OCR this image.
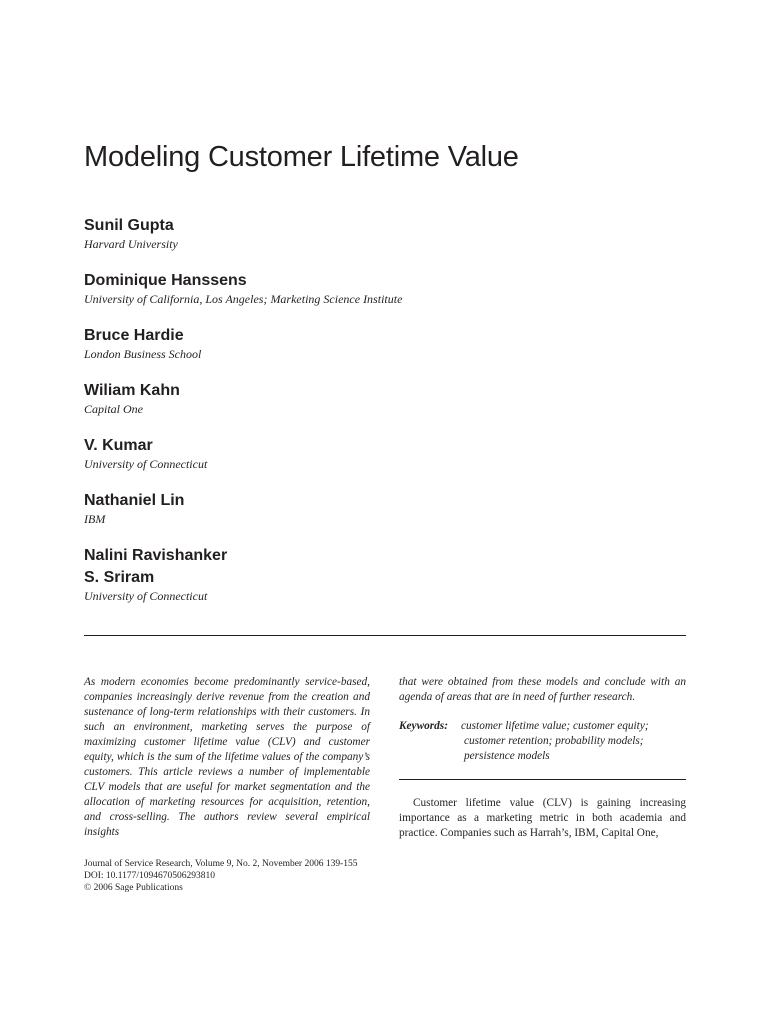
Modeling Customer Lifetime Value
Sunil Gupta
Harvard University
Dominique Hanssens
University of California, Los Angeles; Marketing Science Institute
Bruce Hardie
London Business School
Wiliam Kahn
Capital One
V. Kumar
University of Connecticut
Nathaniel Lin
IBM
Nalini Ravishanker
S. Sriram
University of Connecticut

As modern economies become predominantly service-based, companies increasingly derive revenue from the creation and sustenance of long-term relationships with their customers. In such an environment, marketing serves the purpose of maximizing customer lifetime value (CLV) and customer equity, which is the sum of the lifetime values of the company’s customers. This article reviews a number of implementable CLV models that are useful for market segmentation and the allocation of marketing resources for acquisition, retention, and cross-selling. The authors review several empirical insights

that were obtained from these models and conclude with an agenda of areas that are in need of further research.

Keywords:	customer lifetime value; customer equity;
customer retention; probability models;
persistence models

Customer lifetime value (CLV) is gaining increasing importance as a marketing metric in both academia and practice. Companies such as Harrah’s, IBM, Capital One,

Journal of Service Research, Volume 9, No. 2, November 2006 139-155
DOI: 10.1177/1094670506293810
© 2006 Sage Publications
